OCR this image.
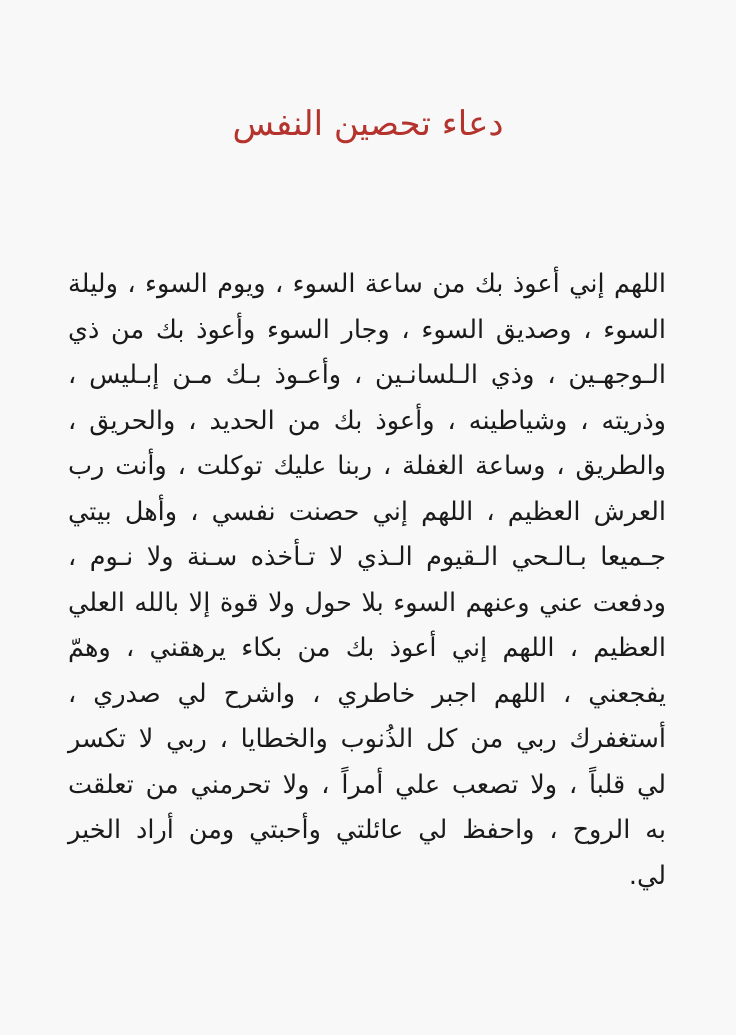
دعاء تحصين النفس
اللهم إني أعوذ بك من ساعة السوء ، ويوم السوء ، وليلة
السوء ، وصديق السوء ، وجار السوء وأعوذ بك من ذي
الـوجهـين ، وذي الـلسانـين ، وأعـوذ بـك مـن إبـليس ،
وذريته ، وشياطينه ، وأعوذ بك من الحديد ، والحريق ،
والطريق ، وساعة الغفلة ، ربنا عليك توكلت ، وأنت رب
العرش العظيم ، اللهم إني حصنت نفسي ، وأهل بيتي
جـميعا بـالـحي الـقيوم الـذي لا تـأخذه سـنة ولا نـوم ،
ودفعت عني وعنهم السوء بلا حول ولا قوة إلا بالله العلي
العظيم ، اللهم إني أعوذ بك من بكاء يرهقني ، وهمّ
يفجعني ، اللهم اجبر خاطري ، واشرح لي صدري ،
أستغفرك ربي من كل الذُنوب والخطايا ، ربي لا تكسر
لي قلباً ، ولا تصعب علي أمراً ، ولا تحرمني من تعلقت
به الروح ، واحفظ لي عائلتي وأحبتي ومن أراد الخير
لي.
